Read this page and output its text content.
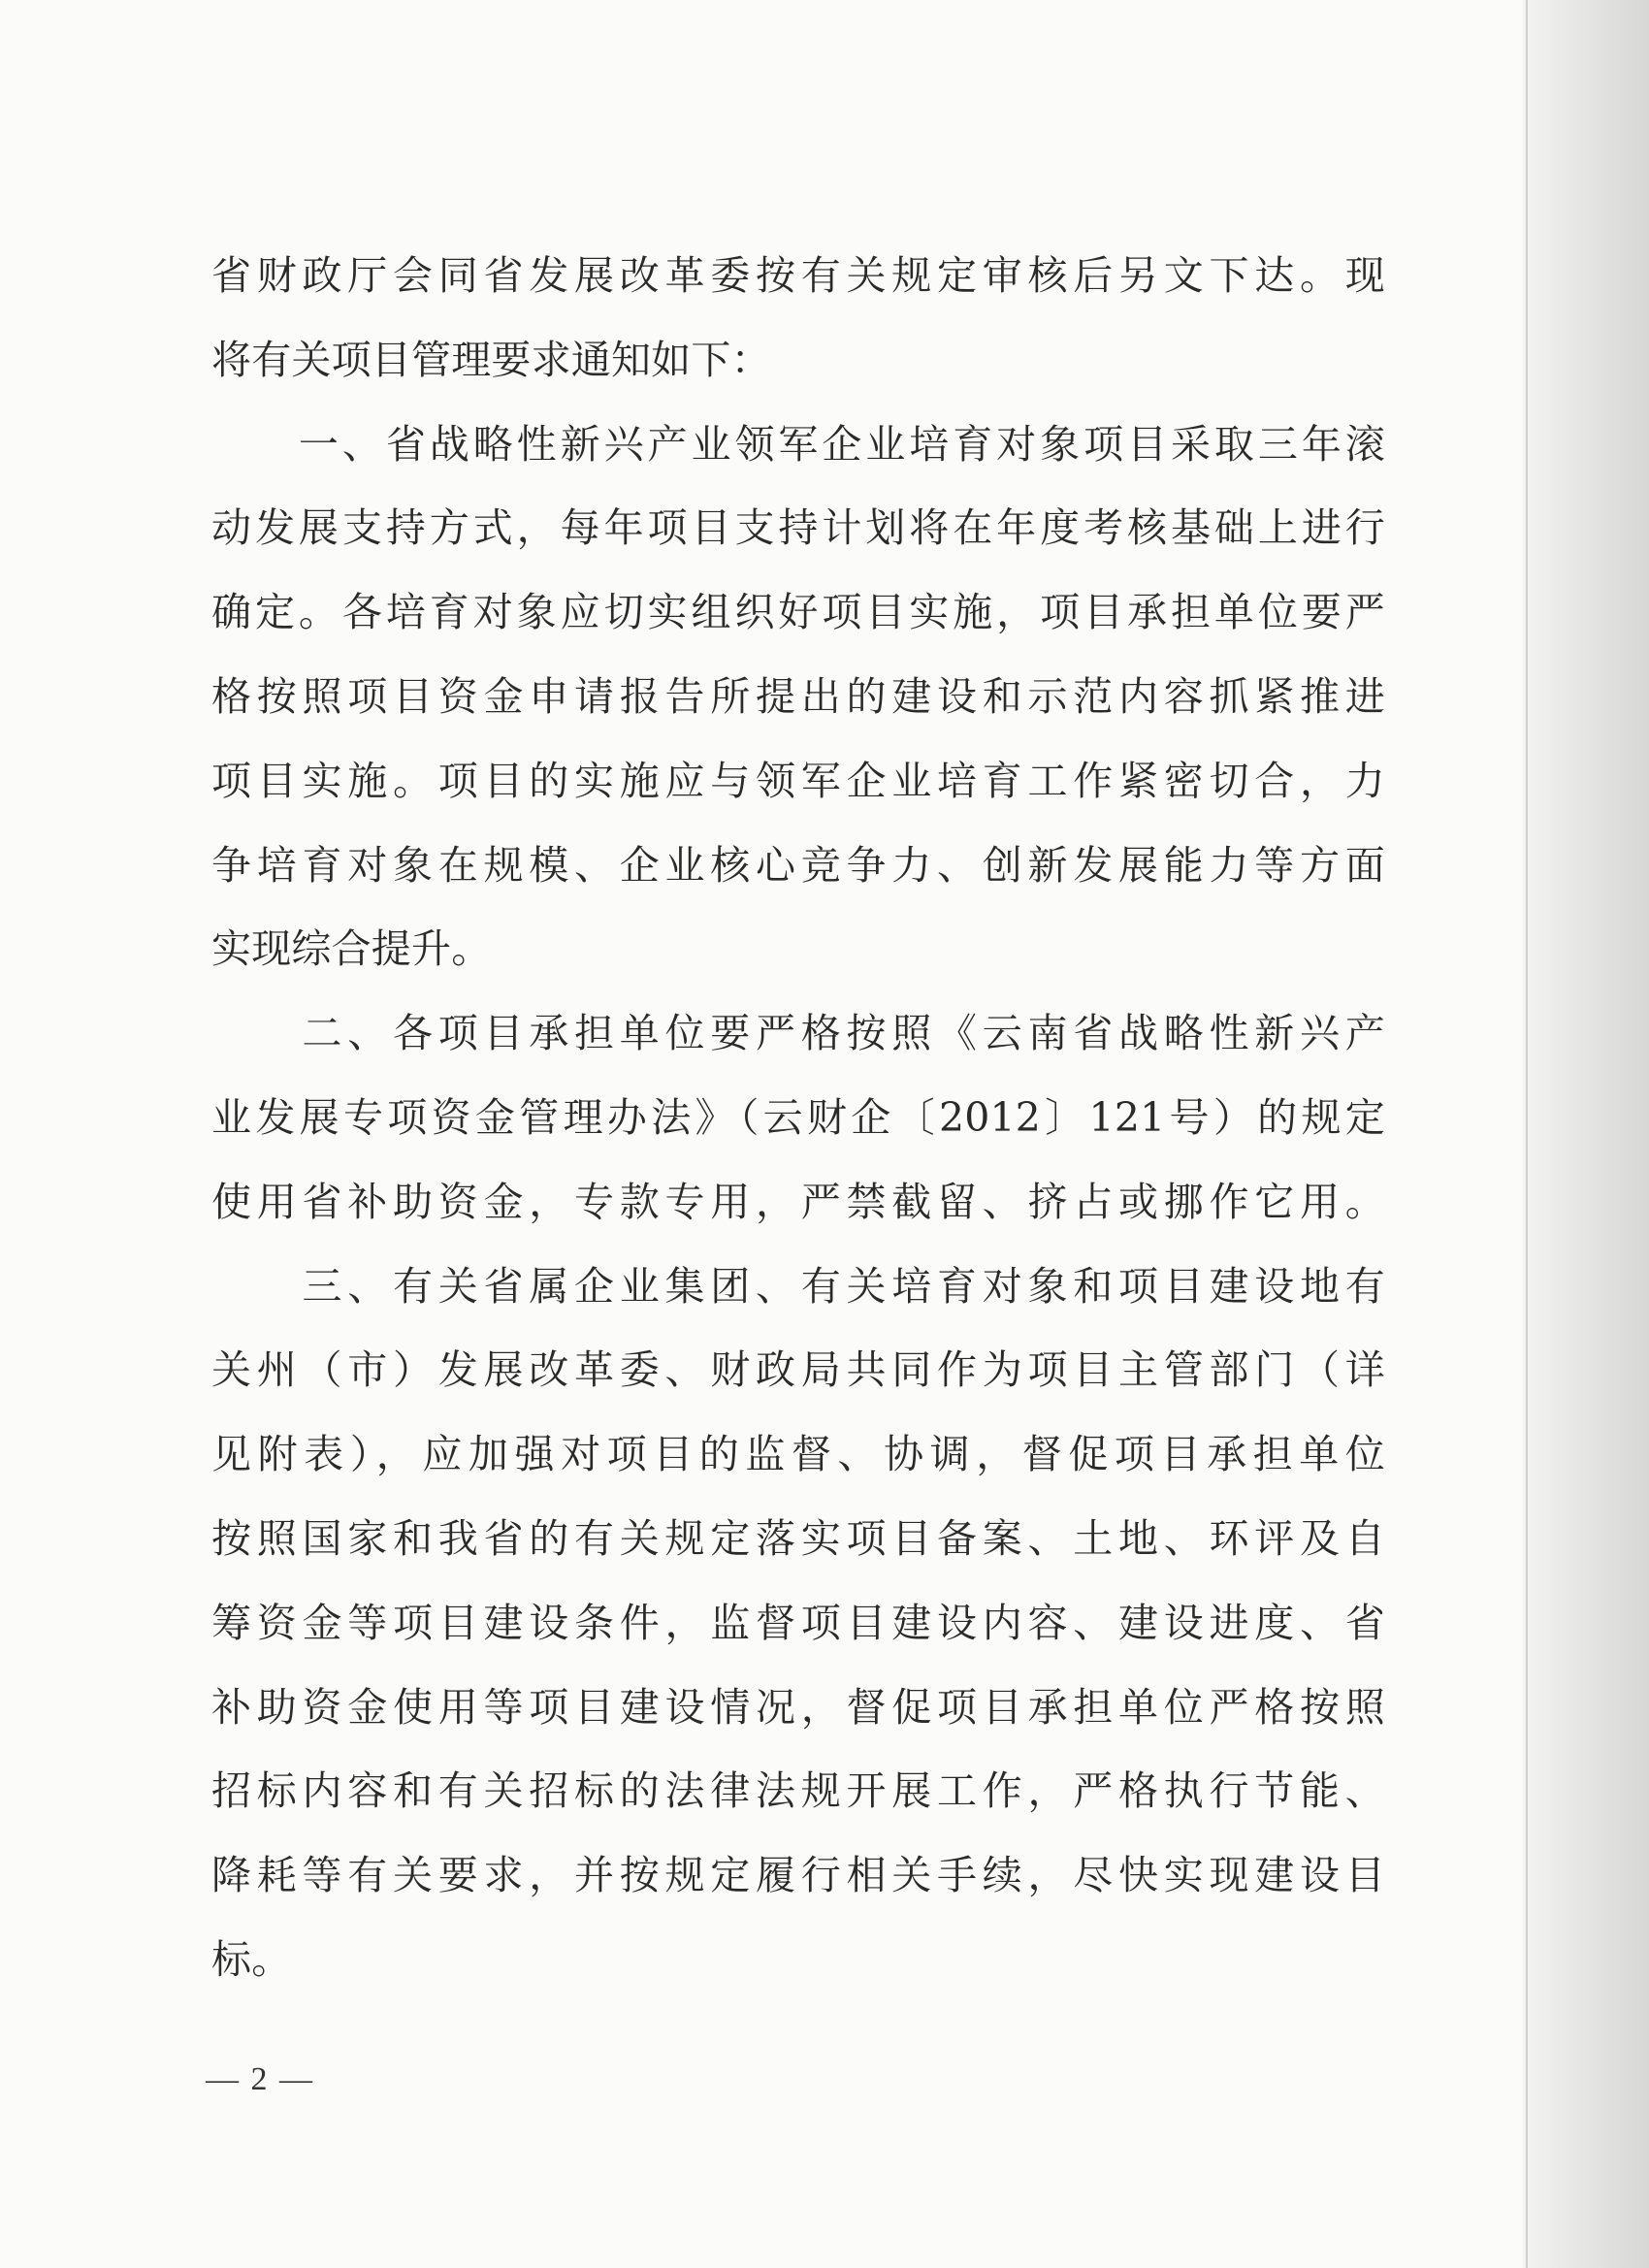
省财政厅会同省发展改革委按有关规定审核后另文下达。现
将有关项目管理要求通知如下：
　　一、省战略性新兴产业领军企业培育对象项目采取三年滚
动发展支持方式，每年项目支持计划将在年度考核基础上进行
确定。各培育对象应切实组织好项目实施，项目承担单位要严
格按照项目资金申请报告所提出的建设和示范内容抓紧推进
项目实施。项目的实施应与领军企业培育工作紧密切合，力
争培育对象在规模、企业核心竞争力、创新发展能力等方面
实现综合提升。
　　二、各项目承担单位要严格按照《云南省战略性新兴产
业发展专项资金管理办法》（云财企〔2012〕121号）的规定
使用省补助资金，专款专用，严禁截留、挤占或挪作它用。
　　三、有关省属企业集团、有关培育对象和项目建设地有
关州（市）发展改革委、财政局共同作为项目主管部门（详
见附表），应加强对项目的监督、协调，督促项目承担单位
按照国家和我省的有关规定落实项目备案、土地、环评及自
筹资金等项目建设条件，监督项目建设内容、建设进度、省
补助资金使用等项目建设情况，督促项目承担单位严格按照
招标内容和有关招标的法律法规开展工作，严格执行节能、
降耗等有关要求，并按规定履行相关手续，尽快实现建设目
标。
— 2 —
